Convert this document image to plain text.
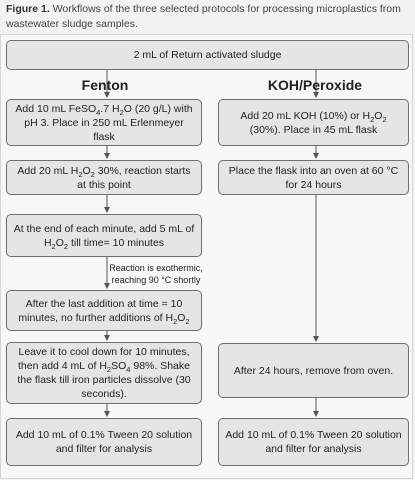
Figure 1. Workflows of the three selected protocols for processing microplastics from wastewater sludge samples.
2 mL of Return activated sludge
Fenton	KOH/Peroxide
Add 10 mL FeSO$_4$.7 $H_2O$ (20 g/L) with pH 3. Place in 250 mL Erlenmeyer flask
Add 20 mL $H_2O_2$ 30%, reaction starts at this point
At the end of each minute, add 5 mL of $H_2O_2$ till time= 10 minutes
Reaction is exothermic, reaching 90 °C shortly
After the last addition at time = 10 minutes, no further additions of $H_2O_2$
Leave it to cool down for 10 minutes, then add 4 mL of $H_2SO_4$ 98%. Shake the flask till iron particles dissolve (30 seconds).
Add 10 mL of 0.1% Tween 20 solution and filter for analysis
Add 20 mL KOH (10%) or $H_2O_2$ (30%). Place in 45 mL flask
Place the flask into an oven at 60 °C for 24 hours
After 24 hours, remove from oven.
Add 10 mL of 0.1% Tween 20 solution and filter for analysis
